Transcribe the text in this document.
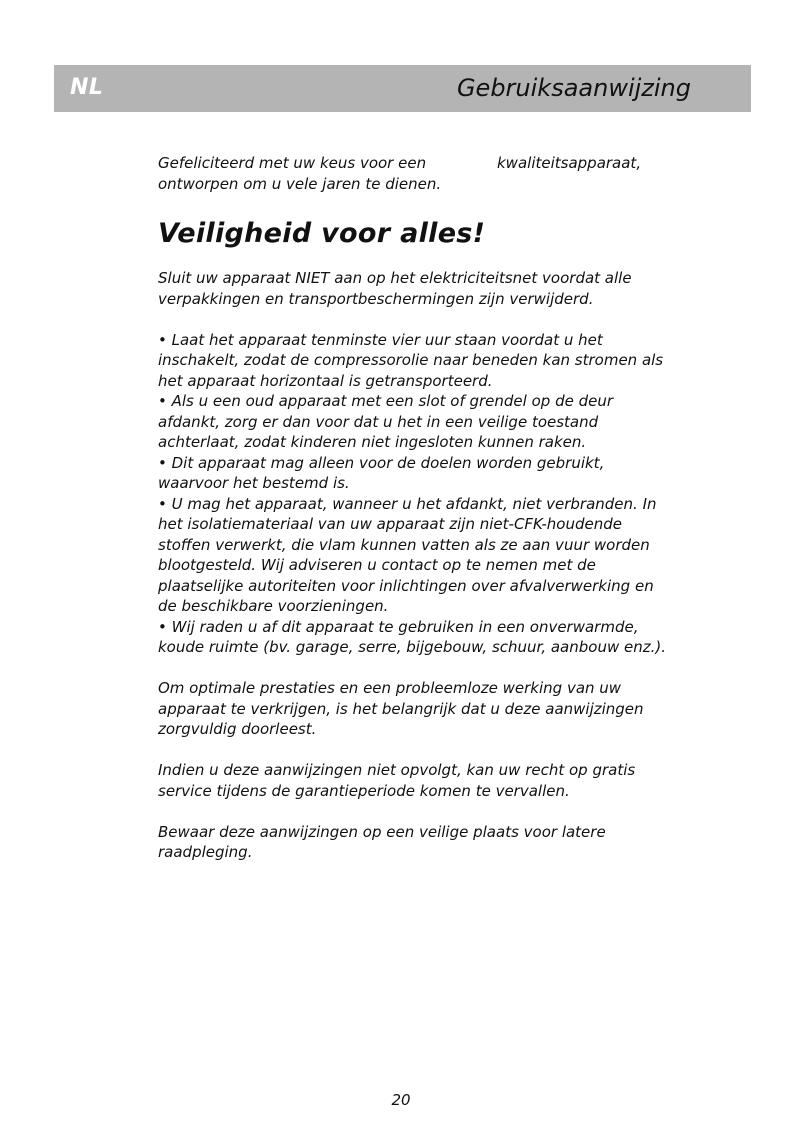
NL	Gebruiksaanwijzing
Gefeliciteerd met uw keus voor een	kwaliteitsapparaat,
ontworpen om u vele jaren te dienen.
Veiligheid voor alles!

Sluit uw apparaat NIET aan op het elektriciteitsnet voordat alle verpakkingen en transportbeschermingen zijn verwijderd.

• Laat het apparaat tenminste vier uur staan voordat u het inschakelt, zodat de compressorolie naar beneden kan stromen als het apparaat horizontaal is getransporteerd.

• Als u een oud apparaat met een slot of grendel op de deur afdankt, zorg er dan voor dat u het in een veilige toestand achterlaat, zodat kinderen niet ingesloten kunnen raken.

• Dit apparaat mag alleen voor de doelen worden gebruikt, waarvoor het bestemd is.

• U mag het apparaat, wanneer u het afdankt, niet verbranden. In het isolatiemateriaal van uw apparaat zijn niet-CFK-houdende stoffen verwerkt, die vlam kunnen vatten als ze aan vuur worden blootgesteld. Wij adviseren u contact op te nemen met de plaatselijke autoriteiten voor inlichtingen over afvalverwerking en de beschikbare voorzieningen.

• Wij raden u af dit apparaat te gebruiken in een onverwarmde, koude ruimte (bv. garage, serre, bijgebouw, schuur, aanbouw enz.).

Om optimale prestaties en een probleemloze werking van uw apparaat te verkrijgen, is het belangrijk dat u deze aanwijzingen zorgvuldig doorleest.

Indien u deze aanwijzingen niet opvolgt, kan uw recht op gratis service tijdens de garantieperiode komen te vervallen.

Bewaar deze aanwijzingen op een veilige plaats voor latere raadpleging.

20
